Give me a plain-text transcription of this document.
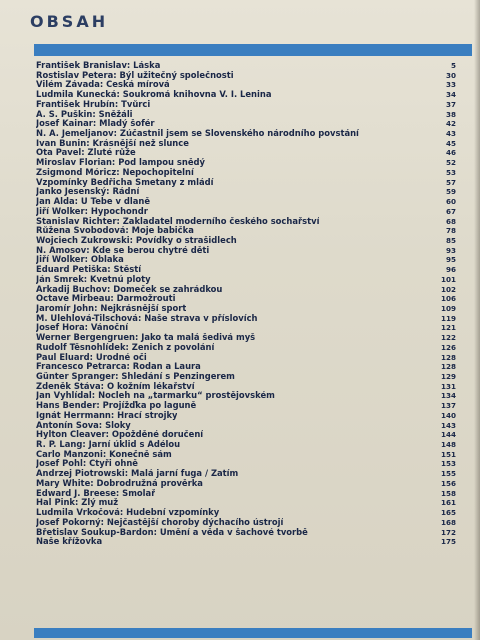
OBSAH
František Branislav: Láska	5
Rostislav Petera: Býl užitečný společnosti	30
Vilém Závada: Česká mírová	33
Ludmila Kunecká: Soukromá knihovna V. I. Lenina	34
František Hrubín: Tvůrci	37
A. S. Puškin: Sněžáli	38
Josef Kainar: Mladý šofér	42
N. A. Jemeljanov: Zúčastnil jsem se Slovenského národního povstání	43
Ivan Bunin: Krásnější než slunce	45
Ota Pavel: Žluté růže	46
Miroslav Florian: Pod lampou snědý	52
Zsigmond Móricz: Nepochopitelní	53
Vzpomínky Bedřicha Smetany z mládí	57
Janko Jesenský: Rádní	59
Jan Alda: U Tebe v dlaně	60
Jiří Wolker: Hypochondr	67
Stanislav Richter: Zakladatel moderního českého sochařství	68
Růžena Svobodová: Moje babička	78
Wojciech Żukrowski: Povídky o strašidlech	85
N. Amosov: Kde se berou chytré děti	93
Jiří Wolker: Oblaka	95
Eduard Petiška: Štěstí	96
Ján Smrek: Kvetnú ploty	101
Arkadij Buchov: Domeček se zahrádkou	102
Octave Mirbeau: Darmožrouti	106
Jaromír John: Nejkrásnější sport	109
M. Ulehlová-Tilschová: Naše strava v příslovích	119
Josef Hora: Vánoční	121
Werner Bergengruen: Jako ta malá šedivá myš	122
Rudolf Těsnohlídek: Ženich z povolání	126
Paul Eluard: Úrodné oči	128
Francesco Petrarca: Rodan a Laura	128
Günter Spranger: Shledání s Penzingerem	129
Zdeněk Štáva: O kožním lékařství	131
Jan Vyhlídal: Nocleh na „tarmarku“ prostějovském	134
Hans Bender: Projížďka po laguně	137
Ignát Herrmann: Hrací strojky	140
Antonín Sova: Sloky	143
Hylton Cleaver: Opožděné doručení	144
R. P. Lang: Jarní úklid s Adélou	148
Carlo Manzoni: Konečně sám	151
Josef Pohl: Čtyři ohně	153
Andrzej Piotrowski: Malá jarní fuga / Zatím	155
Mary White: Dobrodružná prověrka	156
Edward J. Breese: Smolař	158
Hal Pink: Zlý muž	161
Ludmila Vrkočová: Hudební vzpomínky	165
Josef Pokorný: Nejčastější choroby dýchacího ústrojí	168
Břetislav Soukup-Bardon: Umění a věda v šachové tvorbě	172
Naše křížovka	175
